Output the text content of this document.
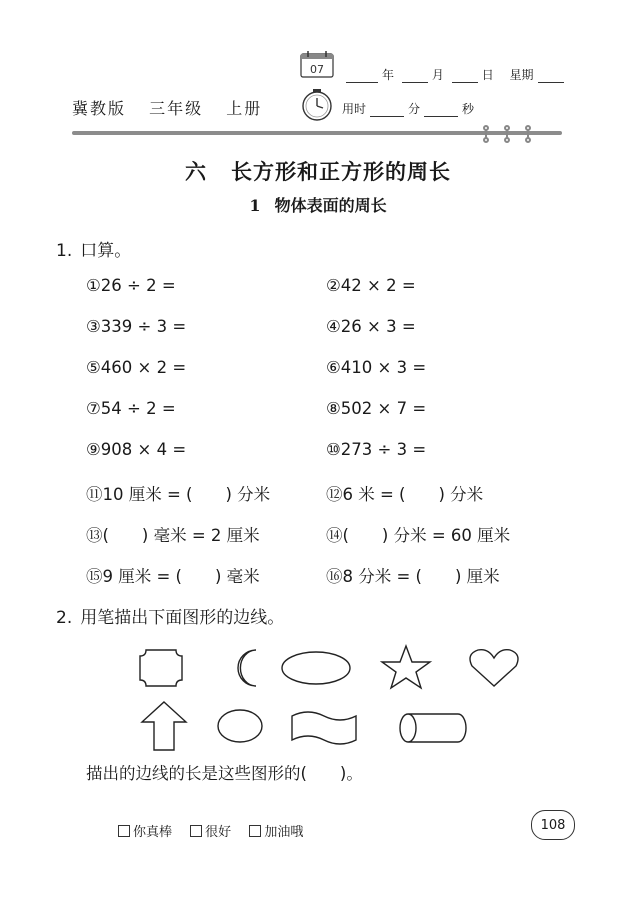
07	年	月	日 星期
用时	分	秒
冀教版 三年级 上册
六 长方形和正方形的周长
1 物体表面的周长
1. 口算。
①26 ÷ 2 =	②42 × 2 =
③339 ÷ 3 =	④26 × 3 =
⑤460 × 2 =	⑥410 × 3 =
⑦54 ÷ 2 =	⑧502 × 7 =
⑨908 × 4 =	⑩273 ÷ 3 =
⑪10 厘米 = (　　) 分米	⑫6 米 = (　　) 分米
⑬(　　) 毫米 = 2 厘米	⑭(　　) 分米 = 60 厘米
⑮9 厘米 = (　　) 毫米	⑯8 分米 = (　　) 厘米
2. 用笔描出下面图形的边线。
描出的边线的长是这些图形的(　　)。
你真棒
	很好
	加油哦	108
